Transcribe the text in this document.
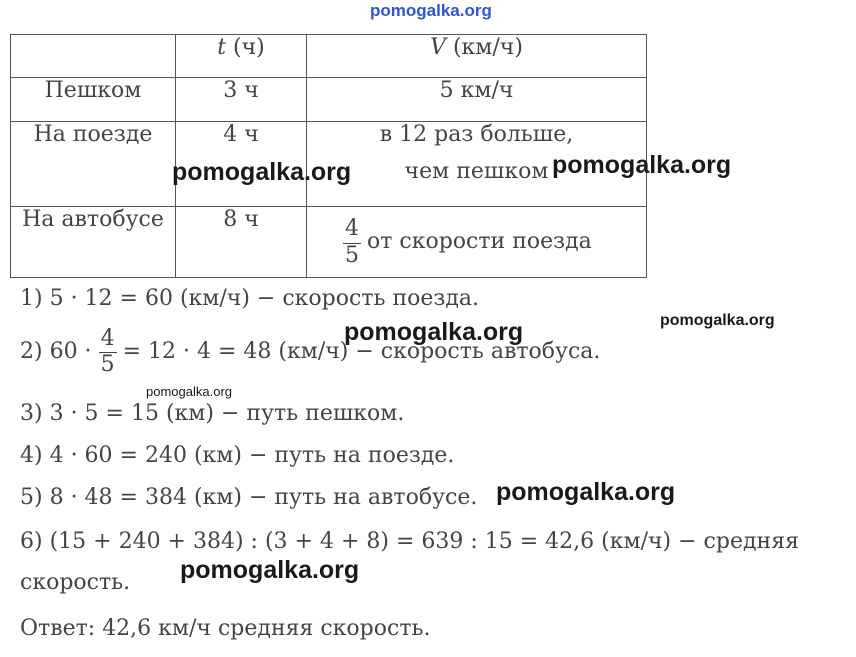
pomogalka.org
	t (ч)	V (км/ч)
Пешком	3 ч	5 км/ч
На поезде	4 ч	в 12 раз больше,
чем пешком

На автобусе	8 ч	$\frac{4}{5}$ от скорости поезда
1) 5 · 12 = 60 (км/ч) − скорость поезда.
2) $60 \cdot \frac{4}{5} = 12 \cdot 4 = 48$ (км/ч) − скорость автобуса.
3) 3 · 5 = 15 (км) − путь пешком.
4) 4 · 60 = 240 (км) − путь на поезде.
5) 8 · 48 = 384 (км) − путь на автобусе.
6) (15 + 240 + 384) : (3 + 4 + 8) = 639 : 15 = 42,6 (км/ч) − средняя
скорость.
Ответ: 42,6 км/ч средняя скорость.
pomogalka.org	pomogalka.org
pomogalka.org	pomogalka.org
pomogalka.org
pomogalka.org
pomogalka.org
